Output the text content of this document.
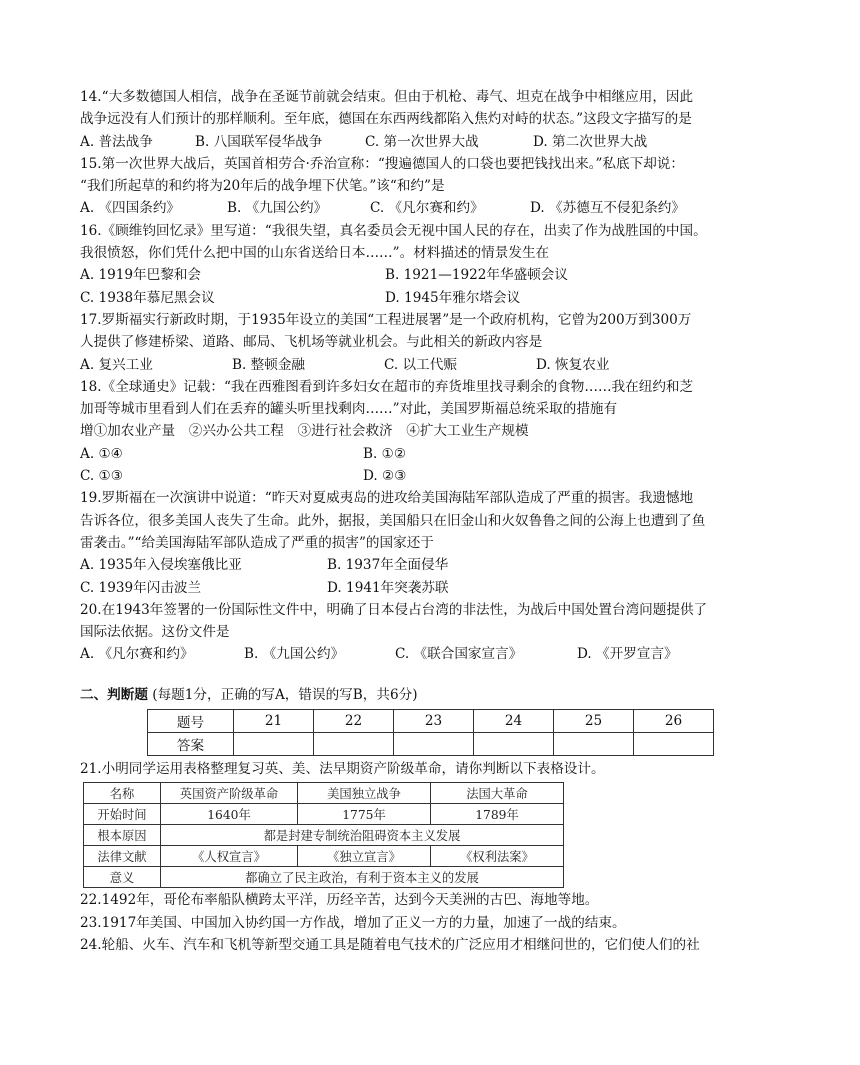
14.“大多数德国人相信，战争在圣诞节前就会结束。但由于机枪、毒气、坦克在战争中相继应用，因此
战争远没有人们预计的那样顺利。至年底，德国在东西两线都陷入焦灼对峙的状态。”这段文字描写的是
A. 普法战争	B. 八国联军侵华战争	C. 第一次世界大战	D. 第二次世界大战
15.第一次世界大战后，英国首相劳合·乔治宣称：“搜遍德国人的口袋也要把钱找出来。”私底下却说：
“我们所起草的和约将为20年后的战争埋下伏笔。”该“和约”是
A. 《四国条约》	B. 《九国公约》	C. 《凡尔赛和约》	D. 《苏德互不侵犯条约》
16.《顾维钧回忆录》里写道：“我很失望，真名委员会无视中国人民的存在，出卖了作为战胜国的中国。
我很愤怒，你们凭什么把中国的山东省送给日本……”。材料描述的情景发生在
A. 1919年巴黎和会	B. 1921—1922年华盛顿会议
C. 1938年慕尼黑会议	D. 1945年雅尔塔会议
17.罗斯福实行新政时期，于1935年设立的美国“工程进展署”是一个政府机构，它曾为200万到300万
人提供了修建桥梁、道路、邮局、飞机场等就业机会。与此相关的新政内容是
A. 复兴工业	B. 整顿金融	C. 以工代赈	D. 恢复农业
18.《全球通史》记载：“我在西雅图看到许多妇女在超市的弃货堆里找寻剩余的食物……我在纽约和芝
加哥等城市里看到人们在丢弃的罐头听里找剩肉……”对此，美国罗斯福总统采取的措施有
增①加农业产量　②兴办公共工程　③进行社会救济　④扩大工业生产规模
A. ①④	B. ①②
C. ①③	D. ②③
19.罗斯福在一次演讲中说道：“昨天对夏威夷岛的进攻给美国海陆军部队造成了严重的损害。我遗憾地
告诉各位，很多美国人丧失了生命。此外，据报，美国船只在旧金山和火奴鲁鲁之间的公海上也遭到了鱼
雷袭击。”“给美国海陆军部队造成了严重的损害”的国家还于
A. 1935年入侵埃塞俄比亚	B. 1937年全面侵华
C. 1939年闪击波兰	D. 1941年突袭苏联
20.在1943年签署的一份国际性文件中，明确了日本侵占台湾的非法性，为战后中国处置台湾问题提供了
国际法依据。这份文件是
A. 《凡尔赛和约》	B. 《九国公约》	C. 《联合国家宣言》	D. 《开罗宣言》
二、判断题 (每题1分，正确的写A，错误的写B，共6分)
题号	21	22	23	24	25	26
答案						
21.小明同学运用表格整理复习英、美、法早期资产阶级革命，请你判断以下表格设计。
名称	英国资产阶级革命	美国独立战争	法国大革命
开始时间	1640年	1775年	1789年
根本原因	都是封建专制统治阻碍资本主义发展		
法律文献	《人权宣言》	《独立宣言》	《权利法案》
意义	都确立了民主政治，有利于资本主义的发展		
22.1492年，哥伦布率船队横跨太平洋，历经辛苦，达到今天美洲的古巴、海地等地。
23.1917年美国、中国加入协约国一方作战，增加了正义一方的力量，加速了一战的结束。
24.轮船、火车、汽车和飞机等新型交通工具是随着电气技术的广泛应用才相继问世的，它们使人们的社
